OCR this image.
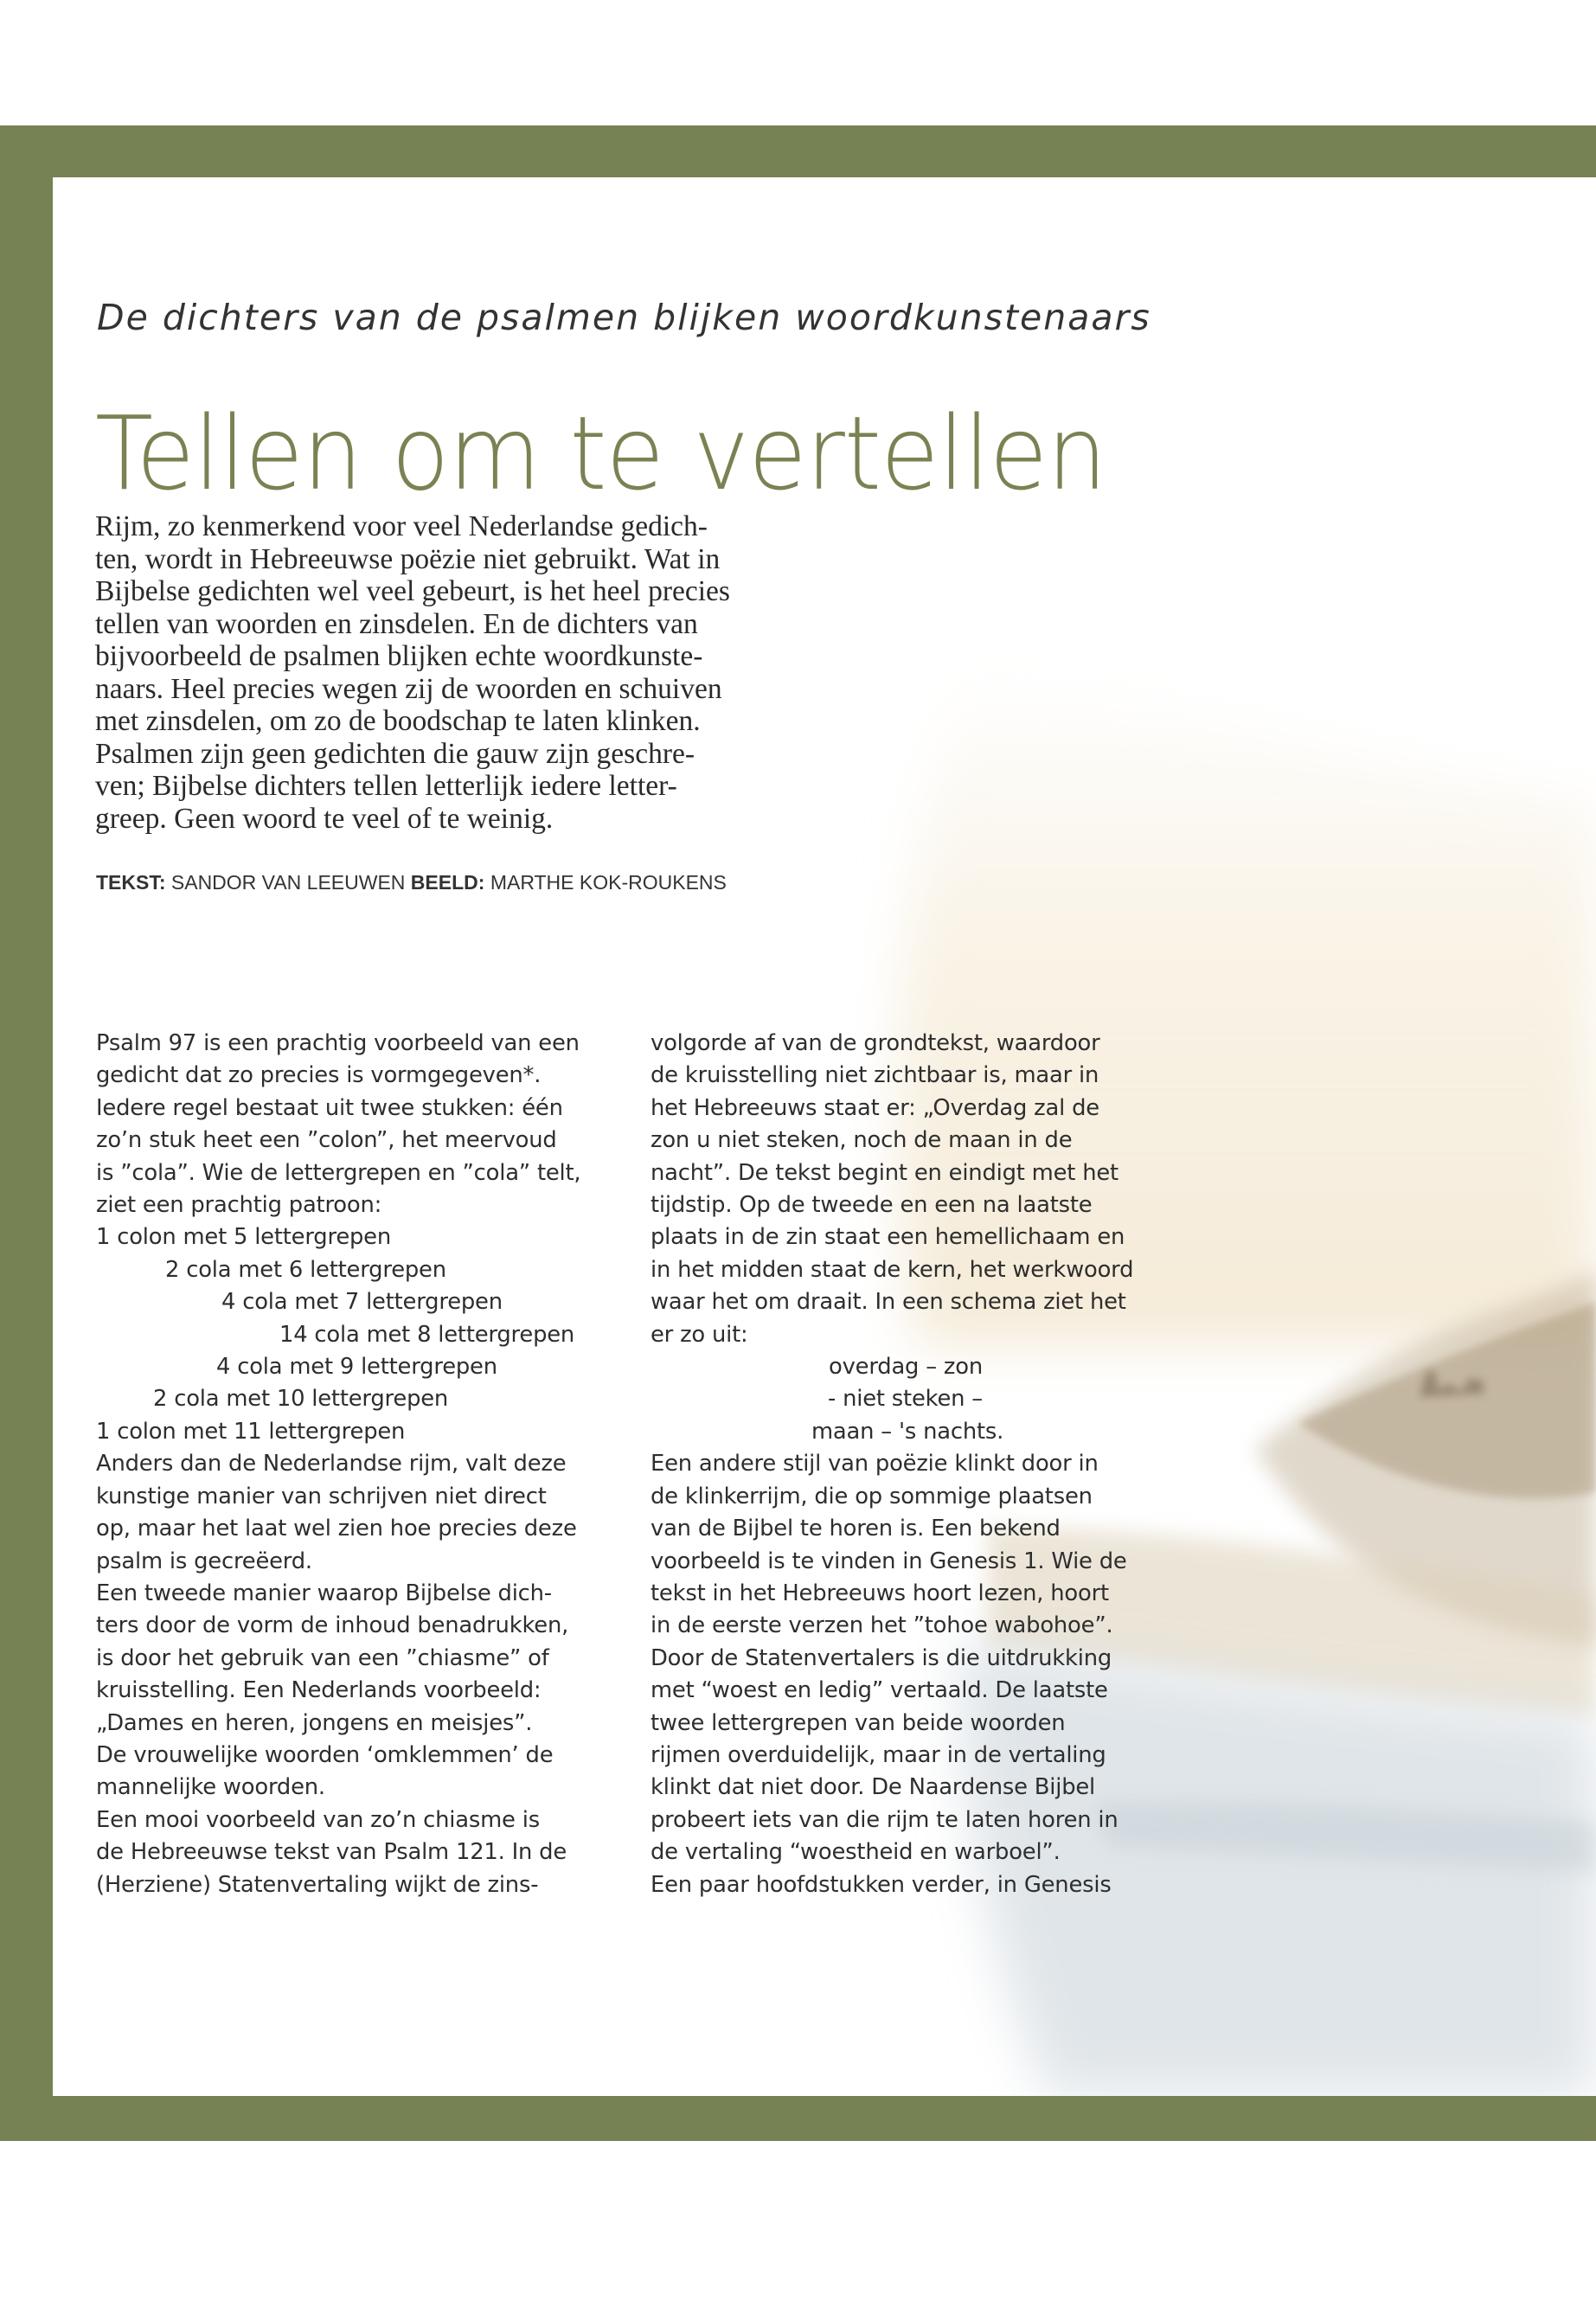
De dichters van de psalmen blijken woordkunstenaars
Tellen om te vertellen

Rijm, zo kenmerkend voor veel Nederlandse gedich-
ten, wordt in Hebreeuwse poëzie niet gebruikt. Wat in
Bijbelse gedichten wel veel gebeurt, is het heel precies
tellen van woorden en zinsdelen. En de dichters van
bijvoorbeeld de psalmen blijken echte woordkunste-
naars. Heel precies wegen zij de woorden en schuiven
met zinsdelen, om zo de boodschap te laten klinken.
Psalmen zijn geen gedichten die gauw zijn geschre-
ven; Bijbelse dichters tellen letterlijk iedere letter-
greep. Geen woord te veel of te weinig.

TEKST: SANDOR VAN LEEUWEN BEELD: MARTHE KOK-ROUKENS
Psalm 97 is een prachtig voorbeeld van een
gedicht dat zo precies is vormgegeven*.
Iedere regel bestaat uit twee stukken: één
zo’n stuk heet een ”colon”, het meervoud
is ”cola”. Wie de lettergrepen en ”cola” telt,
ziet een prachtig patroon:
1 colon met 5 lettergrepen
2 cola met 6 lettergrepen
4 cola met 7 lettergrepen
14 cola met 8 lettergrepen
4 cola met 9 lettergrepen
2 cola met 10 lettergrepen
1 colon met 11 lettergrepen
Anders dan de Nederlandse rijm, valt deze
kunstige manier van schrijven niet direct
op, maar het laat wel zien hoe precies deze
psalm is gecreëerd.
Een tweede manier waarop Bijbelse dich-
ters door de vorm de inhoud benadrukken,
is door het gebruik van een ”chiasme” of
kruisstelling. Een Nederlands voorbeeld:
„Dames en heren, jongens en meisjes”.
De vrouwelijke woorden ‘omklemmen’ de
mannelijke woorden.
Een mooi voorbeeld van zo’n chiasme is
de Hebreeuwse tekst van Psalm 121. In de
(Herziene) Statenvertaling wijkt de zins-
volgorde af van de grondtekst, waardoor
de kruisstelling niet zichtbaar is, maar in
het Hebreeuws staat er: „Overdag zal de
zon u niet steken, noch de maan in de
nacht”. De tekst begint en eindigt met het
tijdstip. Op de tweede en een na laatste
plaats in de zin staat een hemellichaam en
in het midden staat de kern, het werkwoord
waar het om draait. In een schema ziet het
er zo uit:
overdag – zon
- niet steken –
maan – 's nachts.
Een andere stijl van poëzie klinkt door in
de klinkerrijm, die op sommige plaatsen
van de Bijbel te horen is. Een bekend
voorbeeld is te vinden in Genesis 1. Wie de
tekst in het Hebreeuws hoort lezen, hoort
in de eerste verzen het ”tohoe wabohoe”.
Door de Statenvertalers is die uitdrukking
met “woest en ledig” vertaald. De laatste
twee lettergrepen van beide woorden
rijmen overduidelijk, maar in de vertaling
klinkt dat niet door. De Naardense Bijbel
probeert iets van die rijm te laten horen in
de vertaling “woestheid en warboel”.
Een paar hoofdstukken verder, in Genesis
